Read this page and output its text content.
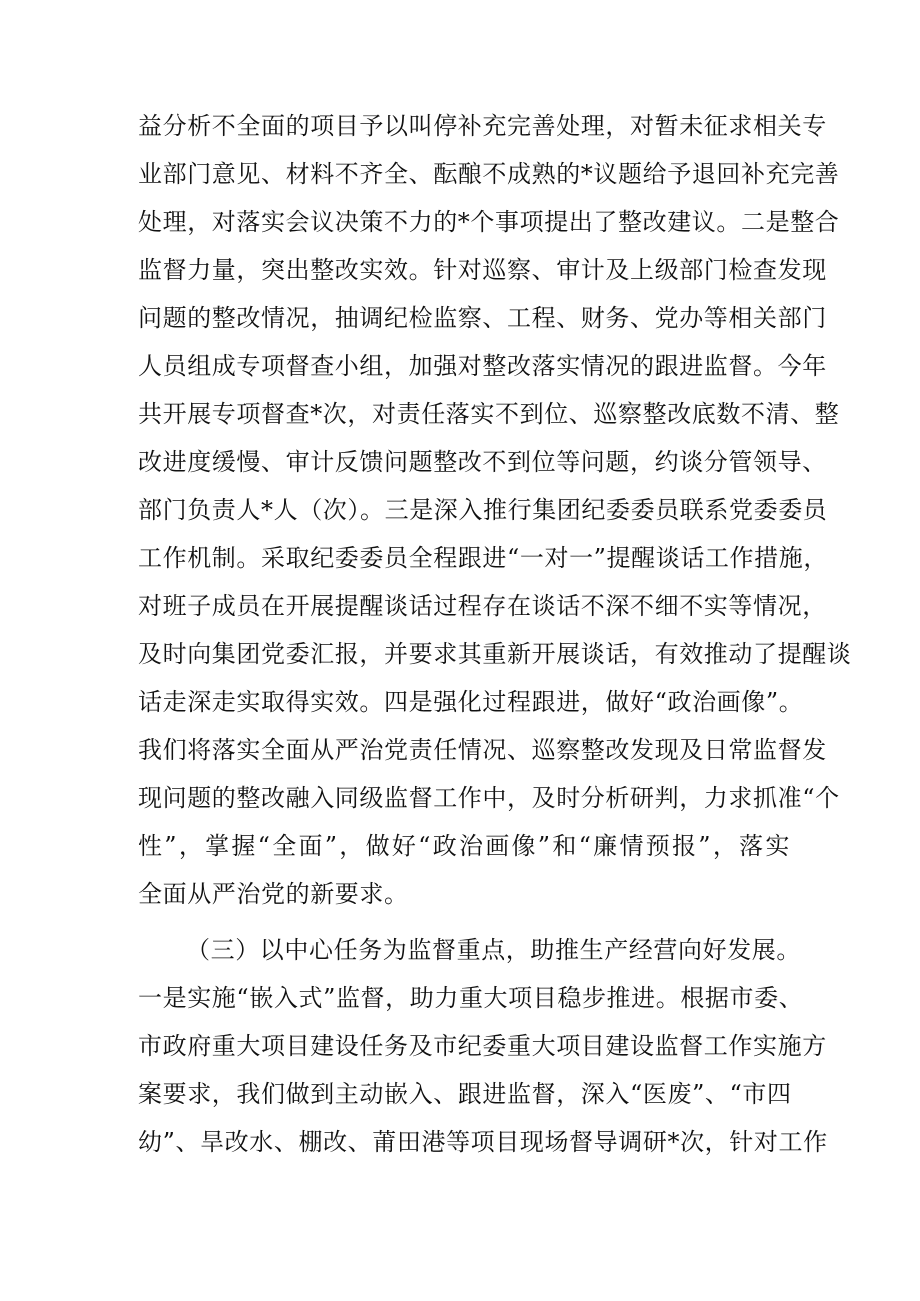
益分析不全面的项目予以叫停补充完善处理，对暂未征求相关专
业部门意见、材料不齐全、酝酿不成熟的*议题给予退回补充完善
处理，对落实会议决策不力的*个事项提出了整改建议。二是整合
监督力量，突出整改实效。针对巡察、审计及上级部门检查发现
问题的整改情况，抽调纪检监察、工程、财务、党办等相关部门
人员组成专项督查小组，加强对整改落实情况的跟进监督。今年
共开展专项督查*次，对责任落实不到位、巡察整改底数不清、整
改进度缓慢、审计反馈问题整改不到位等问题，约谈分管领导、
部门负责人*人（次）。三是深入推行集团纪委委员联系党委委员
工作机制。采取纪委委员全程跟进“一对一”提醒谈话工作措施，
对班子成员在开展提醒谈话过程存在谈话不深不细不实等情况，
及时向集团党委汇报，并要求其重新开展谈话，有效推动了提醒谈
话走深走实取得实效。四是强化过程跟进，做好“政治画像”。
我们将落实全面从严治党责任情况、巡察整改发现及日常监督发
现问题的整改融入同级监督工作中，及时分析研判，力求抓准“个
性”，掌握“全面”，做好“政治画像”和“廉情预报”，落实
全面从严治党的新要求。
（三）以中心任务为监督重点，助推生产经营向好发展。
一是实施“嵌入式”监督，助力重大项目稳步推进。根据市委、
市政府重大项目建设任务及市纪委重大项目建设监督工作实施方
案要求，我们做到主动嵌入、跟进监督，深入“医废”、“市四
幼”、旱改水、棚改、莆田港等项目现场督导调研*次，针对工作
